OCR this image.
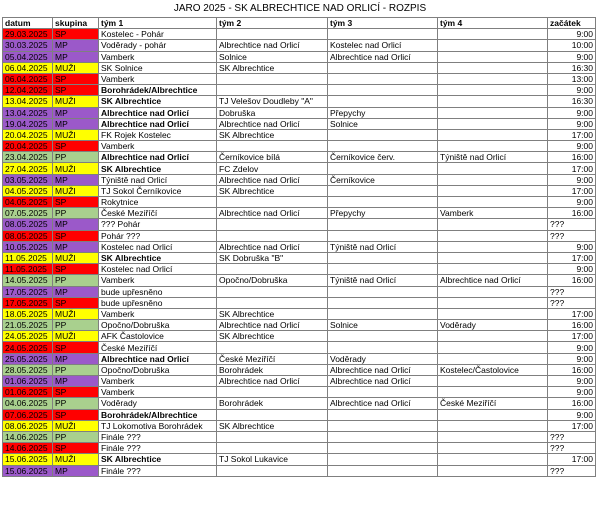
JARO 2025 - SK ALBRECHTICE NAD ORLICÍ - ROZPIS
datum	skupina	tým 1	tým 2	tým 3	tým 4	začátek
29.03.2025	SP	Kostelec - Pohár				9:00
30.03.2025	MP	Voděrady - pohár	Albrechtice nad Orlicí	Kostelec nad Orlicí		10:00
05.04.2025	MP	Vamberk	Solnice	Albrechtice nad Orlicí		9:00
06.04.2025	MUŽI	SK Solnice	SK Albrechtice			16:30
06.04.2025	SP	Vamberk				13:00
12.04.2025	SP	Borohrádek/Albrechtice				9:00
13.04.2025	MUŽI	SK Albrechtice	TJ Velešov Doudleby "A"			16:30
13.04.2025	MP	Albrechtice nad Orlicí	Dobruška	Přepychy		9:00
19.04.2025	MP	Albrechtice nad Orlicí	Albrechtice nad Orlicí	Solnice		9:00
20.04.2025	MUŽI	FK Rojek Kostelec	SK Albrechtice			17:00
20.04.2025	SP	Vamberk				9:00
23.04.2025	PP	Albrechtice nad Orlicí	Černíkovice bílá	Černíkovice červ.	Týniště nad Orlicí	16:00
27.04.2025	MUŽI	SK Albrechtice	FC Zdelov			17:00
03.05.2025	MP	Týniště nad Orlicí	Albrechtice nad Orlicí	Černíkovice		9:00
04.05.2025	MUŽI	TJ Sokol Černíkovice	SK Albrechtice			17:00
04.05.2025	SP	Rokytnice				9:00
07.05.2025	PP	České Meziříčí	Albrechtice nad Orlicí	Přepychy	Vamberk	16:00
08.05.2025	MP	??? Pohár				???
08.05.2025	SP	Pohár ???				???
10.05.2025	MP	Kostelec nad Orlicí	Albrechtice nad Orlicí	Týniště nad Orlicí		9:00
11.05.2025	MUŽI	SK Albrechtice	SK Dobruška "B"			17:00
11.05.2025	SP	Kostelec nad Orlicí				9:00
14.05.2025	PP	Vamberk	Opočno/Dobruška	Týniště nad Orlicí	Albrechtice nad Orlicí	16:00
17.05.2025	MP	bude upřesněno				???
17.05.2025	SP	bude upřesněno				???
18.05.2025	MUŽI	Vamberk	SK Albrechtice			17:00
21.05.2025	PP	Opočno/Dobruška	Albrechtice nad Orlicí	Solnice	Voděrady	16:00
24.05.2025	MUŽI	AFK Častolovice	SK Albrechtice			17:00
24.05.2025	SP	České Meziříčí				9:00
25.05.2025	MP	Albrechtice nad Orlicí	České Meziříčí	Voděrady		9:00
28.05.2025	PP	Opočno/Dobruška	Borohrádek	Albrechtice nad Orlicí	Kostelec/Častolovice	16:00
01.06.2025	MP	Vamberk	Albrechtice nad Orlicí	Albrechtice nad Orlicí		9:00
01.06.2025	SP	Vamberk				9:00
04.06.2025	PP	Voděrady	Borohrádek	Albrechtice nad Orlicí	České Meziříčí	16:00
07.06.2025	SP	Borohrádek/Albrechtice				9:00
08.06.2025	MUŽI	TJ Lokomotiva Borohrádek	SK Albrechtice			17:00
14.06.2025	PP	Finále ???				???
14.06.2025	SP	Finále ???				???
15.06.2025	MUŽI	SK Albrechtice	TJ Sokol Lukavice			17:00
15.06.2025	MP	Finále ???				???
